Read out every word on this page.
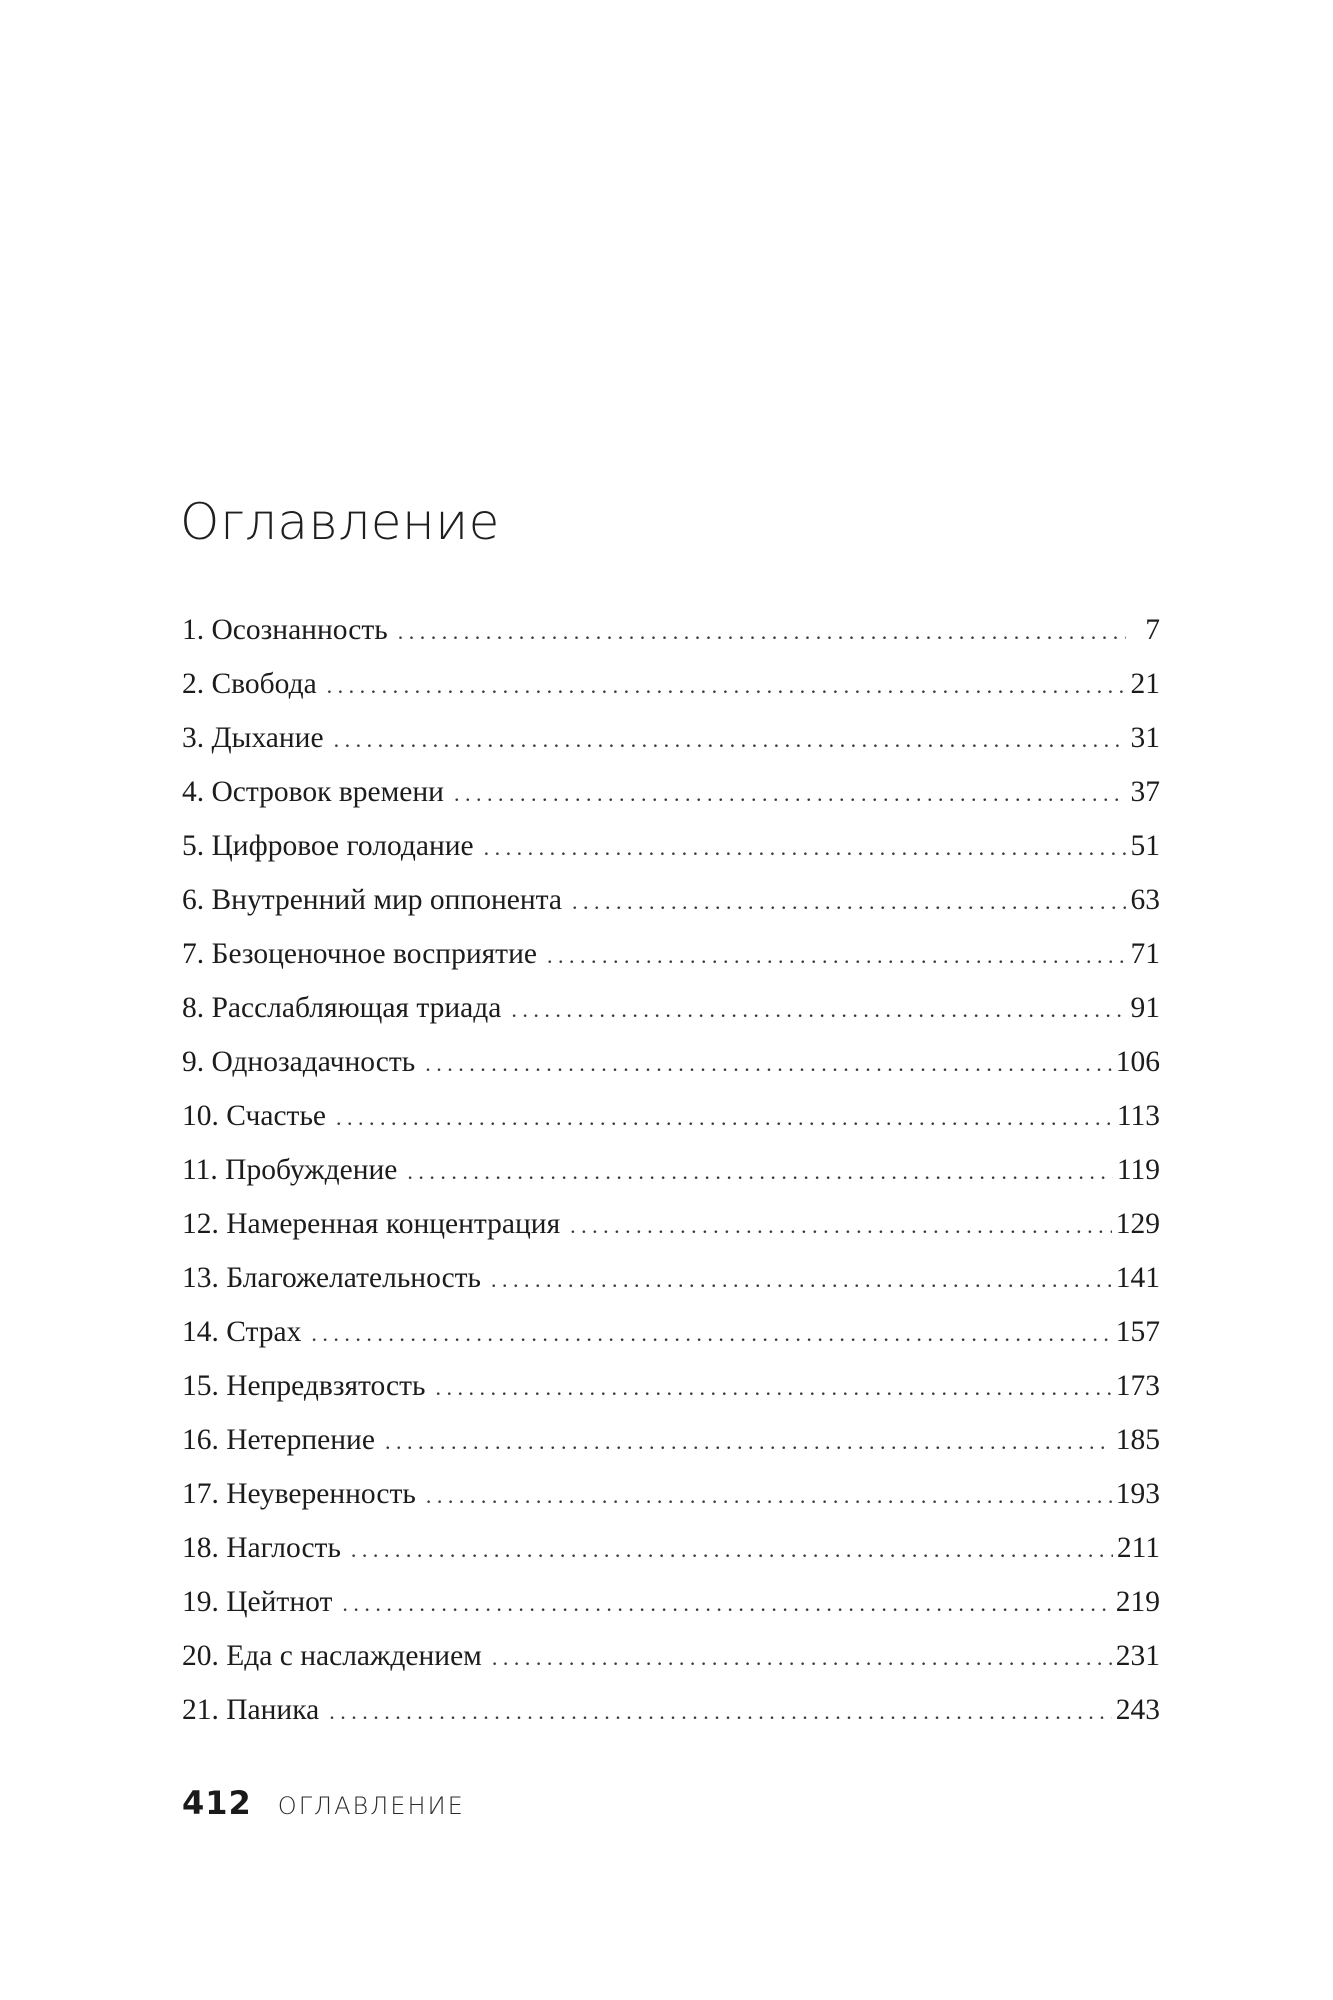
Оглавление
1. Осознанность . . .	7
2. Свобода . . .	21
3. Дыхание . . .	31
4. Островок времени . . .	37
5. Цифровое голодание . . .	51
6. Внутренний мир оппонента . . .	63
7. Безоценочное восприятие . . .	71
8. Расслабляющая триада . . .	91
9. Однозадачность . . .	106
10. Счастье . . .	113
11. Пробуждение . . .	119
12. Намеренная концентрация . . .	129
13. Благожелательность . . .	141
14. Страх . . .	157
15. Непредвзятость . . .	173
16. Нетерпение . . .	185
17. Неуверенность . . .	193
18. Наглость . . .	211
19. Цейтнот . . .	219
20. Еда с наслаждением . . .	231
21. Паника . . .	243
412 ОГЛАВЛЕНИЕ
